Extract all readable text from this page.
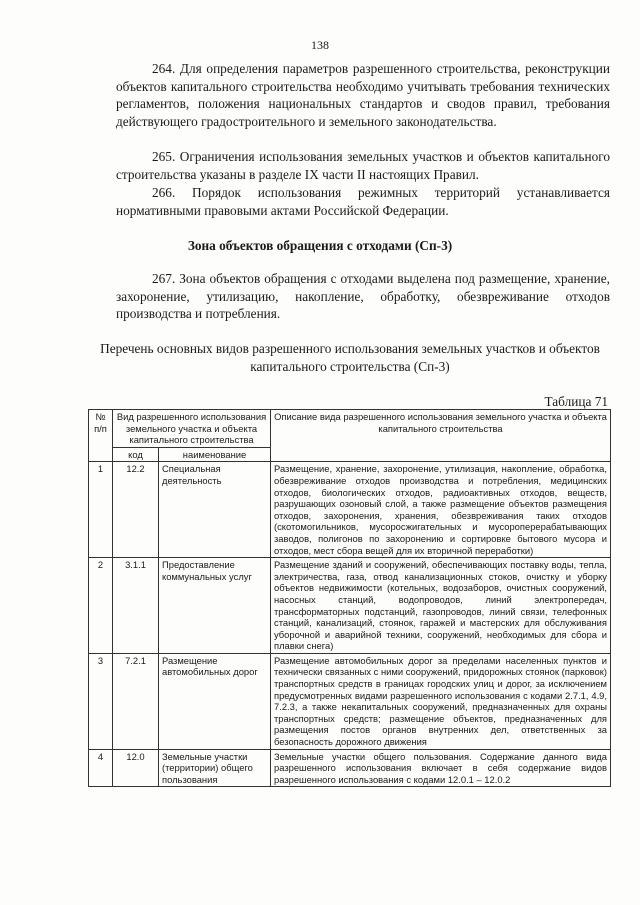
138

264. Для определения параметров разрешенного строительства, реконструкции объектов капитального строительства необходимо учитывать требования технических регламентов, положения национальных стандартов и сводов правил, требования действующего градостроительного и земельного законодательства.

265. Ограничения использования земельных участков и объектов капитального строительства указаны в разделе IX части II настоящих Правил.

266. Порядок использования режимных территорий устанавливается нормативными правовыми актами Российской Федерации.

Зона объектов обращения с отходами (Сп-3)

267. Зона объектов обращения с отходами выделена под размещение, хранение, захоронение, утилизацию, накопление, обработку, обезвреживание отходов производства и потребления.

Перечень основных видов разрешенного использования земельных участков и объектов капитального строительства (Сп-3)
Таблица 71
№ п/п	Вид разрешенного использования земельного участка и объекта капитального строительства		Описание вида разрешенного использования земельного участка и объекта капитального строительства
	код	наименование	
1	12.2	Специальная деятельность	Размещение, хранение, захоронение, утилизация, накопление, обработка, обезвреживание отходов производства и потребления, медицинских отходов, биологических отходов, радиоактивных отходов, веществ, разрушающих озоновый слой, а также размещение объектов размещения отходов, захоронения, хранения, обезвреживания таких отходов (скотомогильников, мусоросжигательных и мусороперерабатывающих заводов, полигонов по захоронению и сортировке бытового мусора и отходов, мест сбора вещей для их вторичной переработки)
2	3.1.1	Предоставление коммунальных услуг	Размещение зданий и сооружений, обеспечивающих поставку воды, тепла, электричества, газа, отвод канализационных стоков, очистку и уборку объектов недвижимости (котельных, водозаборов, очистных сооружений, насосных станций, водопроводов, линий электропередач, трансформаторных подстанций, газопроводов, линий связи, телефонных станций, канализаций, стоянок, гаражей и мастерских для обслуживания уборочной и аварийной техники, сооружений, необходимых для сбора и плавки снега)
3	7.2.1	Размещение автомобильных дорог	Размещение автомобильных дорог за пределами населенных пунктов и технически связанных с ними сооружений, придорожных стоянок (парковок) транспортных средств в границах городских улиц и дорог, за исключением предусмотренных видами разрешенного использования с кодами 2.7.1, 4.9, 7.2.3, а также некапитальных сооружений, предназначенных для охраны транспортных средств; размещение объектов, предназначенных для размещения постов органов внутренних дел, ответственных за безопасность дорожного движения
4	12.0	Земельные участки (территории) общего пользования	Земельные участки общего пользования. Содержание данного вида разрешенного использования включает в себя содержание видов разрешенного использования с кодами 12.0.1 – 12.0.2
